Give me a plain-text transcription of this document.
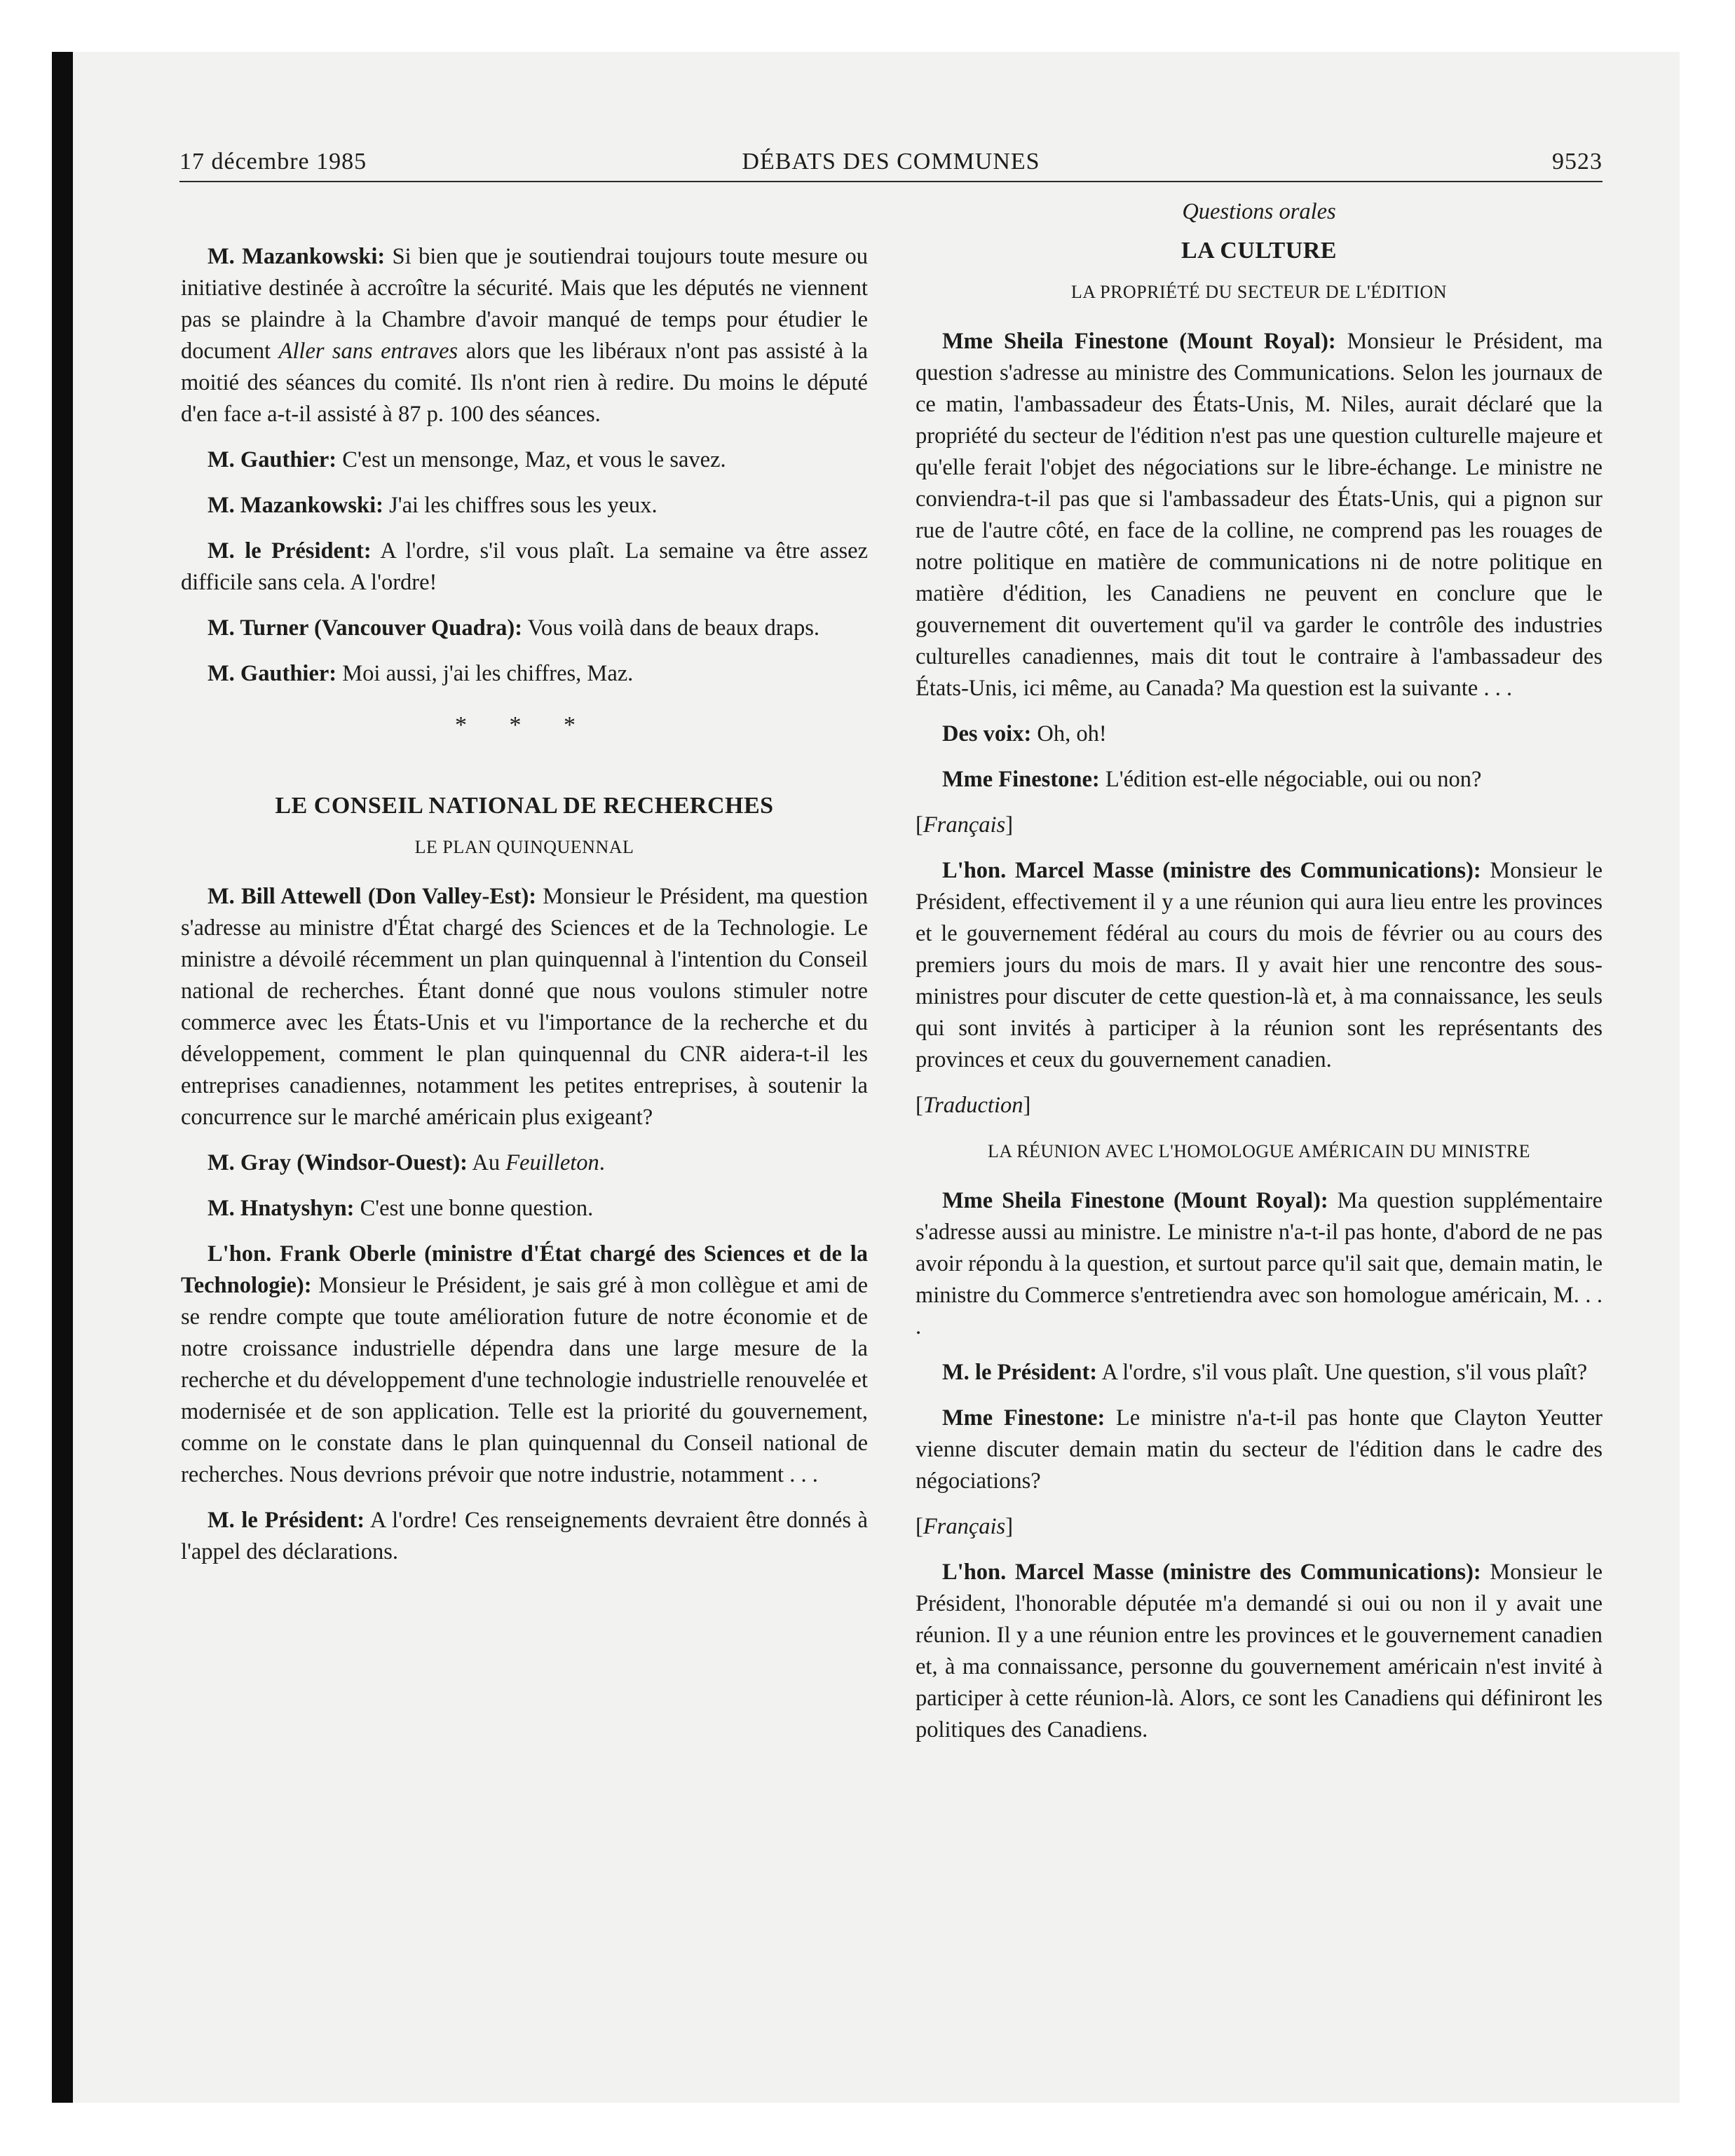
17 décembre 1985	DÉBATS DES COMMUNES	9523

M. Mazankowski: Si bien que je soutiendrai toujours toute mesure ou initiative destinée à accroître la sécurité. Mais que les députés ne viennent pas se plaindre à la Chambre d'avoir manqué de temps pour étudier le document Aller sans entraves alors que les libéraux n'ont pas assisté à la moitié des séances du comité. Ils n'ont rien à redire. Du moins le député d'en face a-t-il assisté à 87 p. 100 des séances.

M. Gauthier: C'est un mensonge, Maz, et vous le savez.

M. Mazankowski: J'ai les chiffres sous les yeux.

M. le Président: A l'ordre, s'il vous plaît. La semaine va être assez difficile sans cela. A l'ordre!

M. Turner (Vancouver Quadra): Vous voilà dans de beaux draps.

M. Gauthier: Moi aussi, j'ai les chiffres, Maz.

* * *
LE CONSEIL NATIONAL DE RECHERCHES
LE PLAN QUINQUENNAL

M. Bill Attewell (Don Valley-Est): Monsieur le Président, ma question s'adresse au ministre d'État chargé des Sciences et de la Technologie. Le ministre a dévoilé récemment un plan quinquennal à l'intention du Conseil national de recherches. Étant donné que nous voulons stimuler notre commerce avec les États-Unis et vu l'importance de la recherche et du développement, comment le plan quinquennal du CNR aidera-t-il les entreprises canadiennes, notamment les petites entreprises, à soutenir la concurrence sur le marché américain plus exigeant?

M. Gray (Windsor-Ouest): Au Feuilleton.

M. Hnatyshyn: C'est une bonne question.

L'hon. Frank Oberle (ministre d'État chargé des Sciences et de la Technologie): Monsieur le Président, je sais gré à mon collègue et ami de se rendre compte que toute amélioration future de notre économie et de notre croissance industrielle dépendra dans une large mesure de la recherche et du développement d'une technologie industrielle renouvelée et modernisée et de son application. Telle est la priorité du gouvernement, comme on le constate dans le plan quinquennal du Conseil national de recherches. Nous devrions prévoir que notre industrie, notamment . . .

M. le Président: A l'ordre! Ces renseignements devraient être donnés à l'appel des déclarations.

Questions orales
LA CULTURE
LA PROPRIÉTÉ DU SECTEUR DE L'ÉDITION

Mme Sheila Finestone (Mount Royal): Monsieur le Président, ma question s'adresse au ministre des Communications. Selon les journaux de ce matin, l'ambassadeur des États-Unis, M. Niles, aurait déclaré que la propriété du secteur de l'édition n'est pas une question culturelle majeure et qu'elle ferait l'objet des négociations sur le libre-échange. Le ministre ne conviendra-t-il pas que si l'ambassadeur des États-Unis, qui a pignon sur rue de l'autre côté, en face de la colline, ne comprend pas les rouages de notre politique en matière de communications ni de notre politique en matière d'édition, les Canadiens ne peuvent en conclure que le gouvernement dit ouvertement qu'il va garder le contrôle des industries culturelles canadiennes, mais dit tout le contraire à l'ambassadeur des États-Unis, ici même, au Canada? Ma question est la suivante . . .

Des voix: Oh, oh!

Mme Finestone: L'édition est-elle négociable, oui ou non?

[Français]

L'hon. Marcel Masse (ministre des Communications): Monsieur le Président, effectivement il y a une réunion qui aura lieu entre les provinces et le gouvernement fédéral au cours du mois de février ou au cours des premiers jours du mois de mars. Il y avait hier une rencontre des sous-ministres pour discuter de cette question-là et, à ma connaissance, les seuls qui sont invités à participer à la réunion sont les représentants des provinces et ceux du gouvernement canadien.

[Traduction]

LA RÉUNION AVEC L'HOMOLOGUE AMÉRICAIN DU MINISTRE

Mme Sheila Finestone (Mount Royal): Ma question supplémentaire s'adresse aussi au ministre. Le ministre n'a-t-il pas honte, d'abord de ne pas avoir répondu à la question, et surtout parce qu'il sait que, demain matin, le ministre du Commerce s'entretiendra avec son homologue américain, M. . . .

M. le Président: A l'ordre, s'il vous plaît. Une question, s'il vous plaît?

Mme Finestone: Le ministre n'a-t-il pas honte que Clayton Yeutter vienne discuter demain matin du secteur de l'édition dans le cadre des négociations?

[Français]

L'hon. Marcel Masse (ministre des Communications): Monsieur le Président, l'honorable députée m'a demandé si oui ou non il y avait une réunion. Il y a une réunion entre les provinces et le gouvernement canadien et, à ma connaissance, personne du gouvernement américain n'est invité à participer à cette réunion-là. Alors, ce sont les Canadiens qui définiront les politiques des Canadiens.
